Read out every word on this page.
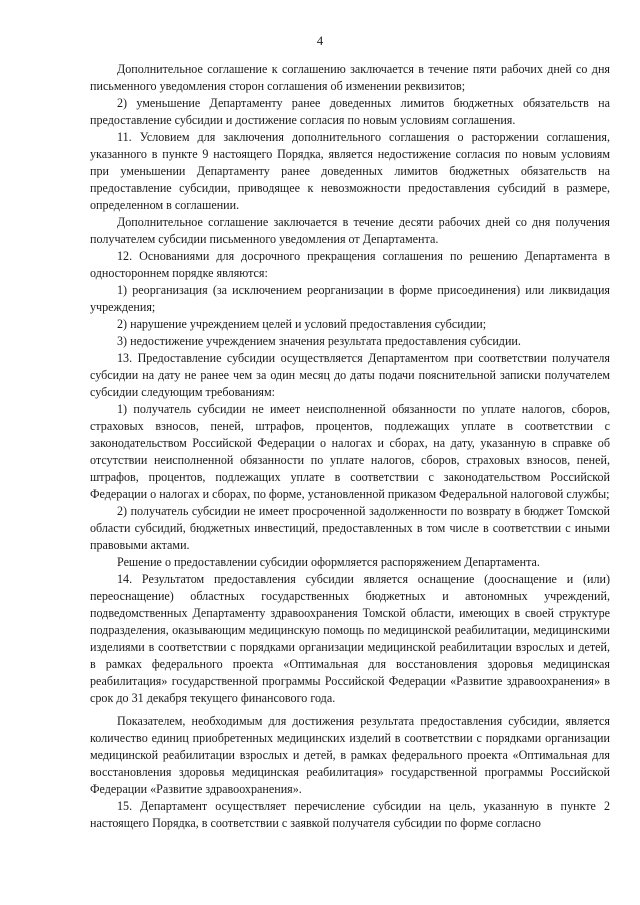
4

Дополнительное соглашение к соглашению заключается в течение пяти рабочих дней со дня письменного уведомления сторон соглашения об изменении реквизитов;

2) уменьшение Департаменту ранее доведенных лимитов бюджетных обязательств на предоставление субсидии и достижение согласия по новым условиям соглашения.

11. Условием для заключения дополнительного соглашения о расторжении соглашения, указанного в пункте 9 настоящего Порядка, является недостижение согласия по новым условиям при уменьшении Департаменту ранее доведенных лимитов бюджетных обязательств на предоставление субсидии, приводящее к невозможности предоставления субсидий в размере, определенном в соглашении.

Дополнительное соглашение заключается в течение десяти рабочих дней со дня получения получателем субсидии письменного уведомления от Департамента.

12. Основаниями для досрочного прекращения соглашения по решению Департамента в одностороннем порядке являются:

1) реорганизация (за исключением реорганизации в форме присоединения) или ликвидация учреждения;

2) нарушение учреждением целей и условий предоставления субсидии;

3) недостижение учреждением значения результата предоставления субсидии.

13. Предоставление субсидии осуществляется Департаментом при соответствии получателя субсидии на дату не ранее чем за один месяц до даты подачи пояснительной записки получателем субсидии следующим требованиям:

1) получатель субсидии не имеет неисполненной обязанности по уплате налогов, сборов, страховых взносов, пеней, штрафов, процентов, подлежащих уплате в соответствии с законодательством Российской Федерации о налогах и сборах, на дату, указанную в справке об отсутствии неисполненной обязанности по уплате налогов, сборов, страховых взносов, пеней, штрафов, процентов, подлежащих уплате в соответствии с законодательством Российской Федерации о налогах и сборах, по форме, установленной приказом Федеральной налоговой службы;

2) получатель субсидии не имеет просроченной задолженности по возврату в бюджет Томской области субсидий, бюджетных инвестиций, предоставленных в том числе в соответствии с иными правовыми актами.

Решение о предоставлении субсидии оформляется распоряжением Департамента.

14. Результатом предоставления субсидии является оснащение (дооснащение и (или) переоснащение) областных государственных бюджетных и автономных учреждений, подведомственных Департаменту здравоохранения Томской области, имеющих в своей структуре подразделения, оказывающим медицинскую помощь по медицинской реабилитации, медицинскими изделиями в соответствии с порядками организации медицинской реабилитации взрослых и детей, в рамках федерального проекта «Оптимальная для восстановления здоровья медицинская реабилитация» государственной программы Российской Федерации «Развитие здравоохранения» в срок до 31 декабря текущего финансового года.

Показателем, необходимым для достижения результата предоставления субсидии, является количество единиц приобретенных медицинских изделий в соответствии с порядками организации медицинской реабилитации взрослых и детей, в рамках федерального проекта «Оптимальная для восстановления здоровья медицинская реабилитация» государственной программы Российской Федерации «Развитие здравоохранения».

15. Департамент осуществляет перечисление субсидии на цель, указанную в пункте 2 настоящего Порядка, в соответствии с заявкой получателя субсидии по форме согласно
